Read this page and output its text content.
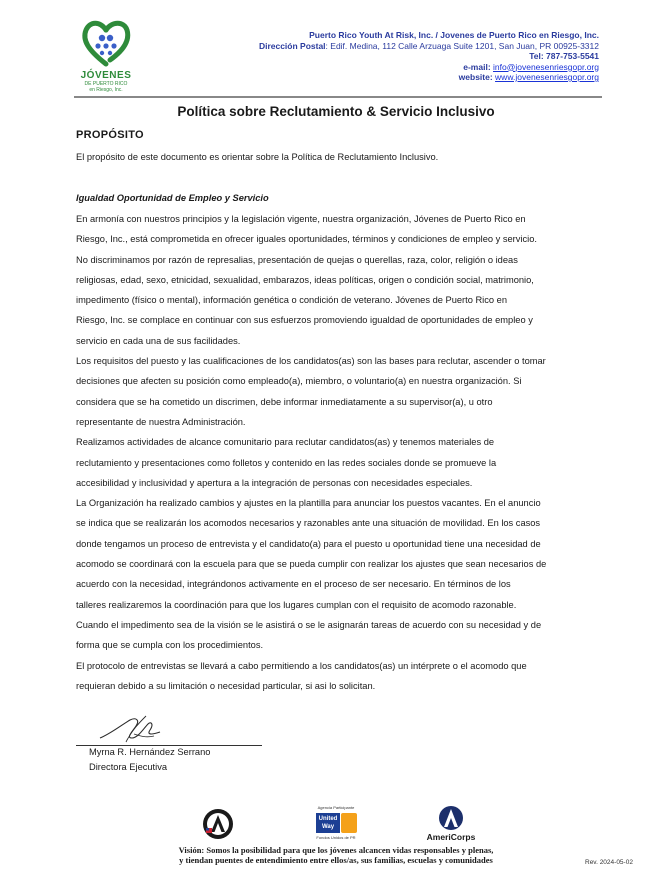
JÓVENES
DE PUERTO RICO
en Riesgo, Inc.
Puerto Rico Youth At Risk, Inc. / Jovenes de Puerto Rico en Riesgo, Inc.
Dirección Postal: Edif. Medina, 112 Calle Arzuaga Suite 1201, San Juan, PR 00925-3312
Tel: 787-753-5541
e-mail: info@jovenesenriesgopr.org
website: www.jovenesenriesgopr.org
Política sobre Reclutamiento & Servicio Inclusivo
PROPÓSITO
El propósito de este documento es orientar sobre la Política de Reclutamiento Inclusivo.
Igualdad Oportunidad de Empleo y Servicio
En armonía con nuestros principios y la legislación vigente, nuestra organización, Jóvenes de Puerto Rico en
Riesgo, Inc., está comprometida en ofrecer iguales oportunidades, términos y condiciones de empleo y servicio.
No discriminamos por razón de represalias, presentación de quejas o querellas, raza, color, religión o ideas
religiosas, edad, sexo, etnicidad, sexualidad, embarazos, ideas políticas, origen o condición social, matrimonio,
impedimento (físico o mental), información genética o condición de veterano. Jóvenes de Puerto Rico en
Riesgo, Inc. se complace en continuar con sus esfuerzos promoviendo igualdad de oportunidades de empleo y
servicio en cada una de sus facilidades.
Los requisitos del puesto y las cualificaciones de los candidatos(as) son las bases para reclutar, ascender o tomar
decisiones que afecten su posición como empleado(a), miembro, o voluntario(a) en nuestra organización. Si
considera que se ha cometido un discrimen, debe informar inmediatamente a su supervisor(a), u otro
representante de nuestra Administración.
Realizamos actividades de alcance comunitario para reclutar candidatos(as) y tenemos materiales de
reclutamiento y presentaciones como folletos y contenido en las redes sociales donde se promueve la
accesibilidad y inclusividad y apertura a la integración de personas con necesidades especiales.
La Organización ha realizado cambios y ajustes en la plantilla para anunciar los puestos vacantes. En el anuncio
se indica que se realizarán los acomodos necesarios y razonables ante una situación de movilidad. En los casos
donde tengamos un proceso de entrevista y el candidato(a) para el puesto u oportunidad tiene una necesidad de
acomodo se coordinará con la escuela para que se pueda cumplir con realizar los ajustes que sean necesarios de
acuerdo con la necesidad, integrándonos activamente en el proceso de ser necesario. En términos de los
talleres realizaremos la coordinación para que los lugares cumplan con el requisito de acomodo razonable.
Cuando el impedimento sea de la visión se le asistirá o se le asignarán tareas de acuerdo con su necesidad y de
forma que se cumpla con los procedimientos.
El protocolo de entrevistas se llevará a cabo permitiendo a los candidatos(as) un intérprete o el acomodo que
requieran debido a su limitación o necesidad particular, si asi lo solicitan.
Myrna R. Hernández Serrano
Directora Ejecutiva
Agencia Participante
United Way
Fondos Unidos de PR	AmeriCorps
Visión: Somos la posibilidad para que los jóvenes alcancen vidas responsables y plenas,
y tiendan puentes de entendimiento entre ellos/as, sus familias, escuelas y comunidades	Rev. 2024-05-02
